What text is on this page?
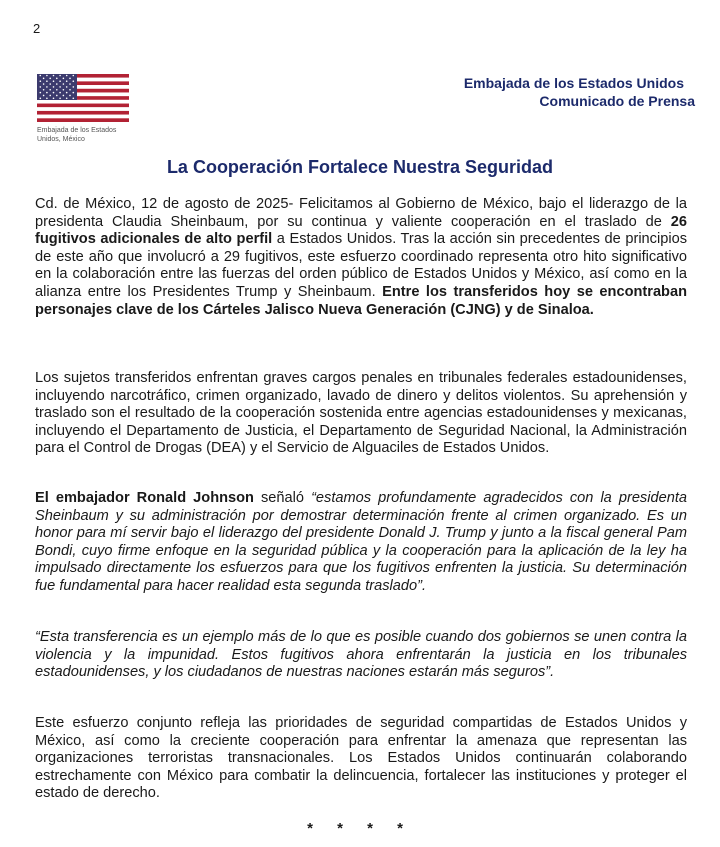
2
Embajada de los Estados
Unidos, México
Embajada de los Estados Unidos
Comunicado de Prensa
La Cooperación Fortalece Nuestra Seguridad

Cd. de México, 12 de agosto de 2025- Felicitamos al Gobierno de México, bajo el liderazgo de la presidenta Claudia Sheinbaum, por su continua y valiente cooperación en el traslado de 26 fugitivos adicionales de alto perfil a Estados Unidos. Tras la acción sin precedentes de principios de este año que involucró a 29 fugitivos, este esfuerzo coordinado representa otro hito significativo en la colaboración entre las fuerzas del orden público de Estados Unidos y México, así como en la alianza entre los Presidentes Trump y Sheinbaum. Entre los transferidos hoy se encontraban personajes clave de los Cárteles Jalisco Nueva Generación (CJNG) y de Sinaloa.

Los sujetos transferidos enfrentan graves cargos penales en tribunales federales estadounidenses, incluyendo narcotráfico, crimen organizado, lavado de dinero y delitos violentos. Su aprehensión y traslado son el resultado de la cooperación sostenida entre agencias estadounidenses y mexicanas, incluyendo el Departamento de Justicia, el Departamento de Seguridad Nacional, la Administración para el Control de Drogas (DEA) y el Servicio de Alguaciles de Estados Unidos.

El embajador Ronald Johnson señaló “estamos profundamente agradecidos con la presidenta Sheinbaum y su administración por demostrar determinación frente al crimen organizado. Es un honor para mí servir bajo el liderazgo del presidente Donald J. Trump y junto a la fiscal general Pam Bondi, cuyo firme enfoque en la seguridad pública y la cooperación para la aplicación de la ley ha impulsado directamente los esfuerzos para que los fugitivos enfrenten la justicia. Su determinación fue fundamental para hacer realidad esta segunda traslado”.

“Esta transferencia es un ejemplo más de lo que es posible cuando dos gobiernos se unen contra la violencia y la impunidad. Estos fugitivos ahora enfrentarán la justicia en los tribunales estadounidenses, y los ciudadanos de nuestras naciones estarán más seguros”.

Este esfuerzo conjunto refleja las prioridades de seguridad compartidas de Estados Unidos y México, así como la creciente cooperación para enfrentar la amenaza que representan las organizaciones terroristas transnacionales. Los Estados Unidos continuarán colaborando estrechamente con México para combatir la delincuencia, fortalecer las instituciones y proteger el estado de derecho.

* * * *
